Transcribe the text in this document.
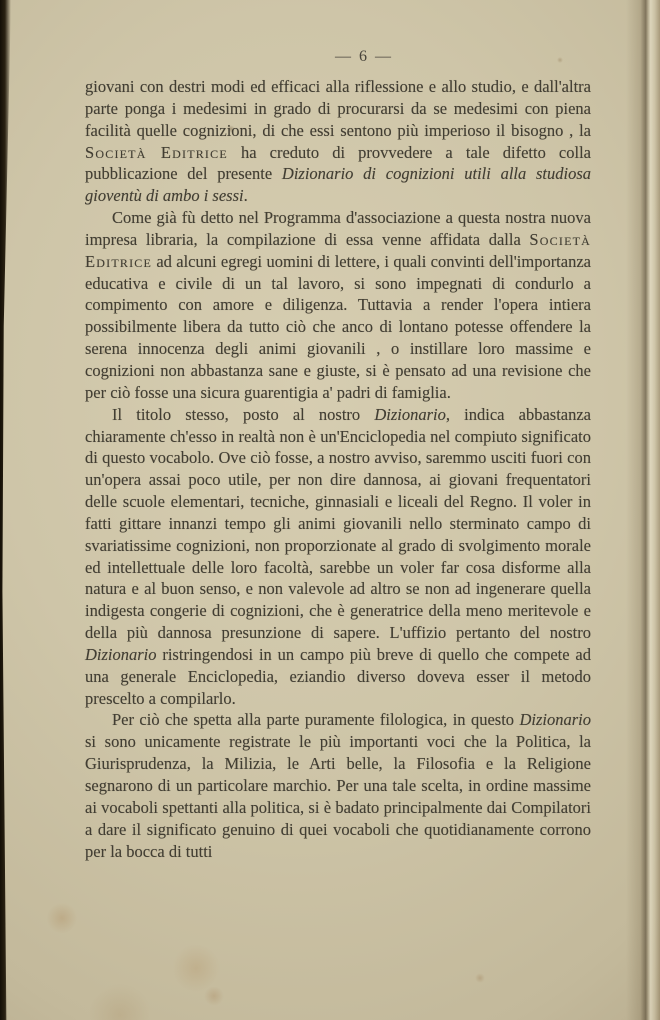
— 6 —

giovani con destri modi ed efficaci alla riflessione e allo studio, e dall'altra parte ponga i medesimi in grado di procurarsi da se medesimi con piena facilità quelle cognizioni, di che essi sentono più imperioso il bisogno , la Società Editrice ha creduto di provvedere a tale difetto colla pubblicazione del presente Dizionario di cognizioni utili alla studiosa gioventù di ambo i sessi.

Come già fù detto nel Programma d'associazione a questa nostra nuova impresa libraria, la compilazione di essa venne affidata dalla Società Editrice ad alcuni egregi uomini di lettere, i quali convinti dell'importanza educativa e civile di un tal lavoro, si sono impegnati di condurlo a compimento con amore e diligenza. Tuttavia a render l'opera intiera possibilmente libera da tutto ciò che anco di lontano potesse offendere la serena innocenza degli animi giovanili , o instillare loro massime e cognizioni non abbastanza sane e giuste, si è pensato ad una revisione che per ciò fosse una sicura guarentigia a' padri di famiglia.

Il titolo stesso, posto al nostro Dizionario, indica abbastanza chiaramente ch'esso in realtà non è un'Enciclopedia nel compiuto significato di questo vocabolo. Ove ciò fosse, a nostro avviso, saremmo usciti fuori con un'opera assai poco utile, per non dire dannosa, ai giovani frequentatori delle scuole elementari, tecniche, ginnasiali e liceali del Regno. Il voler in fatti gittare innanzi tempo gli animi giovanili nello sterminato campo di svariatissime cognizioni, non proporzionate al grado di svolgimento morale ed intellettuale delle loro facoltà, sarebbe un voler far cosa disforme alla natura e al buon senso, e non valevole ad altro se non ad ingenerare quella indigesta congerie di cognizioni, che è generatrice della meno meritevole e della più dannosa presunzione di sapere. L'uffizio pertanto del nostro Dizionario ristringendosi in un campo più breve di quello che compete ad una generale Enciclopedia, eziandio diverso doveva esser il metodo prescelto a compilarlo.

Per ciò che spetta alla parte puramente filologica, in questo Dizionario si sono unicamente registrate le più importanti voci che la Politica, la Giurisprudenza, la Milizia, le Arti belle, la Filosofia e la Religione segnarono di un particolare marchio. Per una tale scelta, in ordine massime ai vocaboli spettanti alla politica, si è badato principalmente dai Compilatori a dare il significato genuino di quei vocaboli che quotidianamente corrono per la bocca di tutti
